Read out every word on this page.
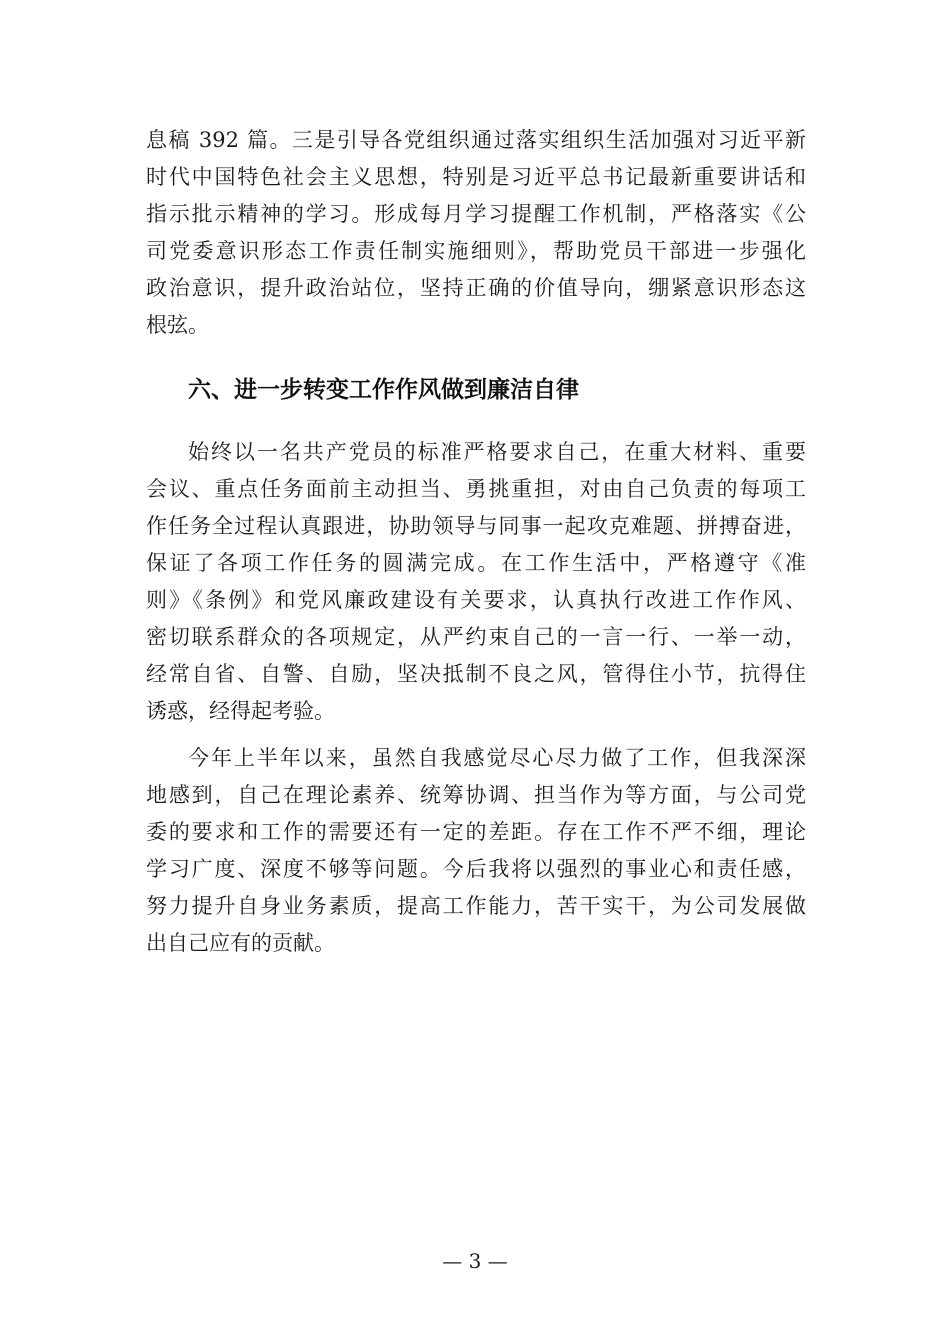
息稿 392 篇。三是引导各党组织通过落实组织生活加强对习近平新
时代中国特色社会主义思想，特别是习近平总书记最新重要讲话和
指示批示精神的学习。形成每月学习提醒工作机制，严格落实《公
司党委意识形态工作责任制实施细则》，帮助党员干部进一步强化
政治意识，提升政治站位，坚持正确的价值导向，绷紧意识形态这
根弦。
六、进一步转变工作作风做到廉洁自律
始终以一名共产党员的标准严格要求自己，在重大材料、重要
会议、重点任务面前主动担当、勇挑重担，对由自己负责的每项工
作任务全过程认真跟进，协助领导与同事一起攻克难题、拼搏奋进，
保证了各项工作任务的圆满完成。在工作生活中，严格遵守《准
则》《条例》和党风廉政建设有关要求，认真执行改进工作作风、
密切联系群众的各项规定，从严约束自己的一言一行、一举一动，
经常自省、自警、自励，坚决抵制不良之风，管得住小节，抗得住
诱惑，经得起考验。
今年上半年以来，虽然自我感觉尽心尽力做了工作，但我深深
地感到，自己在理论素养、统筹协调、担当作为等方面，与公司党
委的要求和工作的需要还有一定的差距。存在工作不严不细，理论
学习广度、深度不够等问题。今后我将以强烈的事业心和责任感，
努力提升自身业务素质，提高工作能力，苦干实干，为公司发展做
出自己应有的贡献。
— 3 —
